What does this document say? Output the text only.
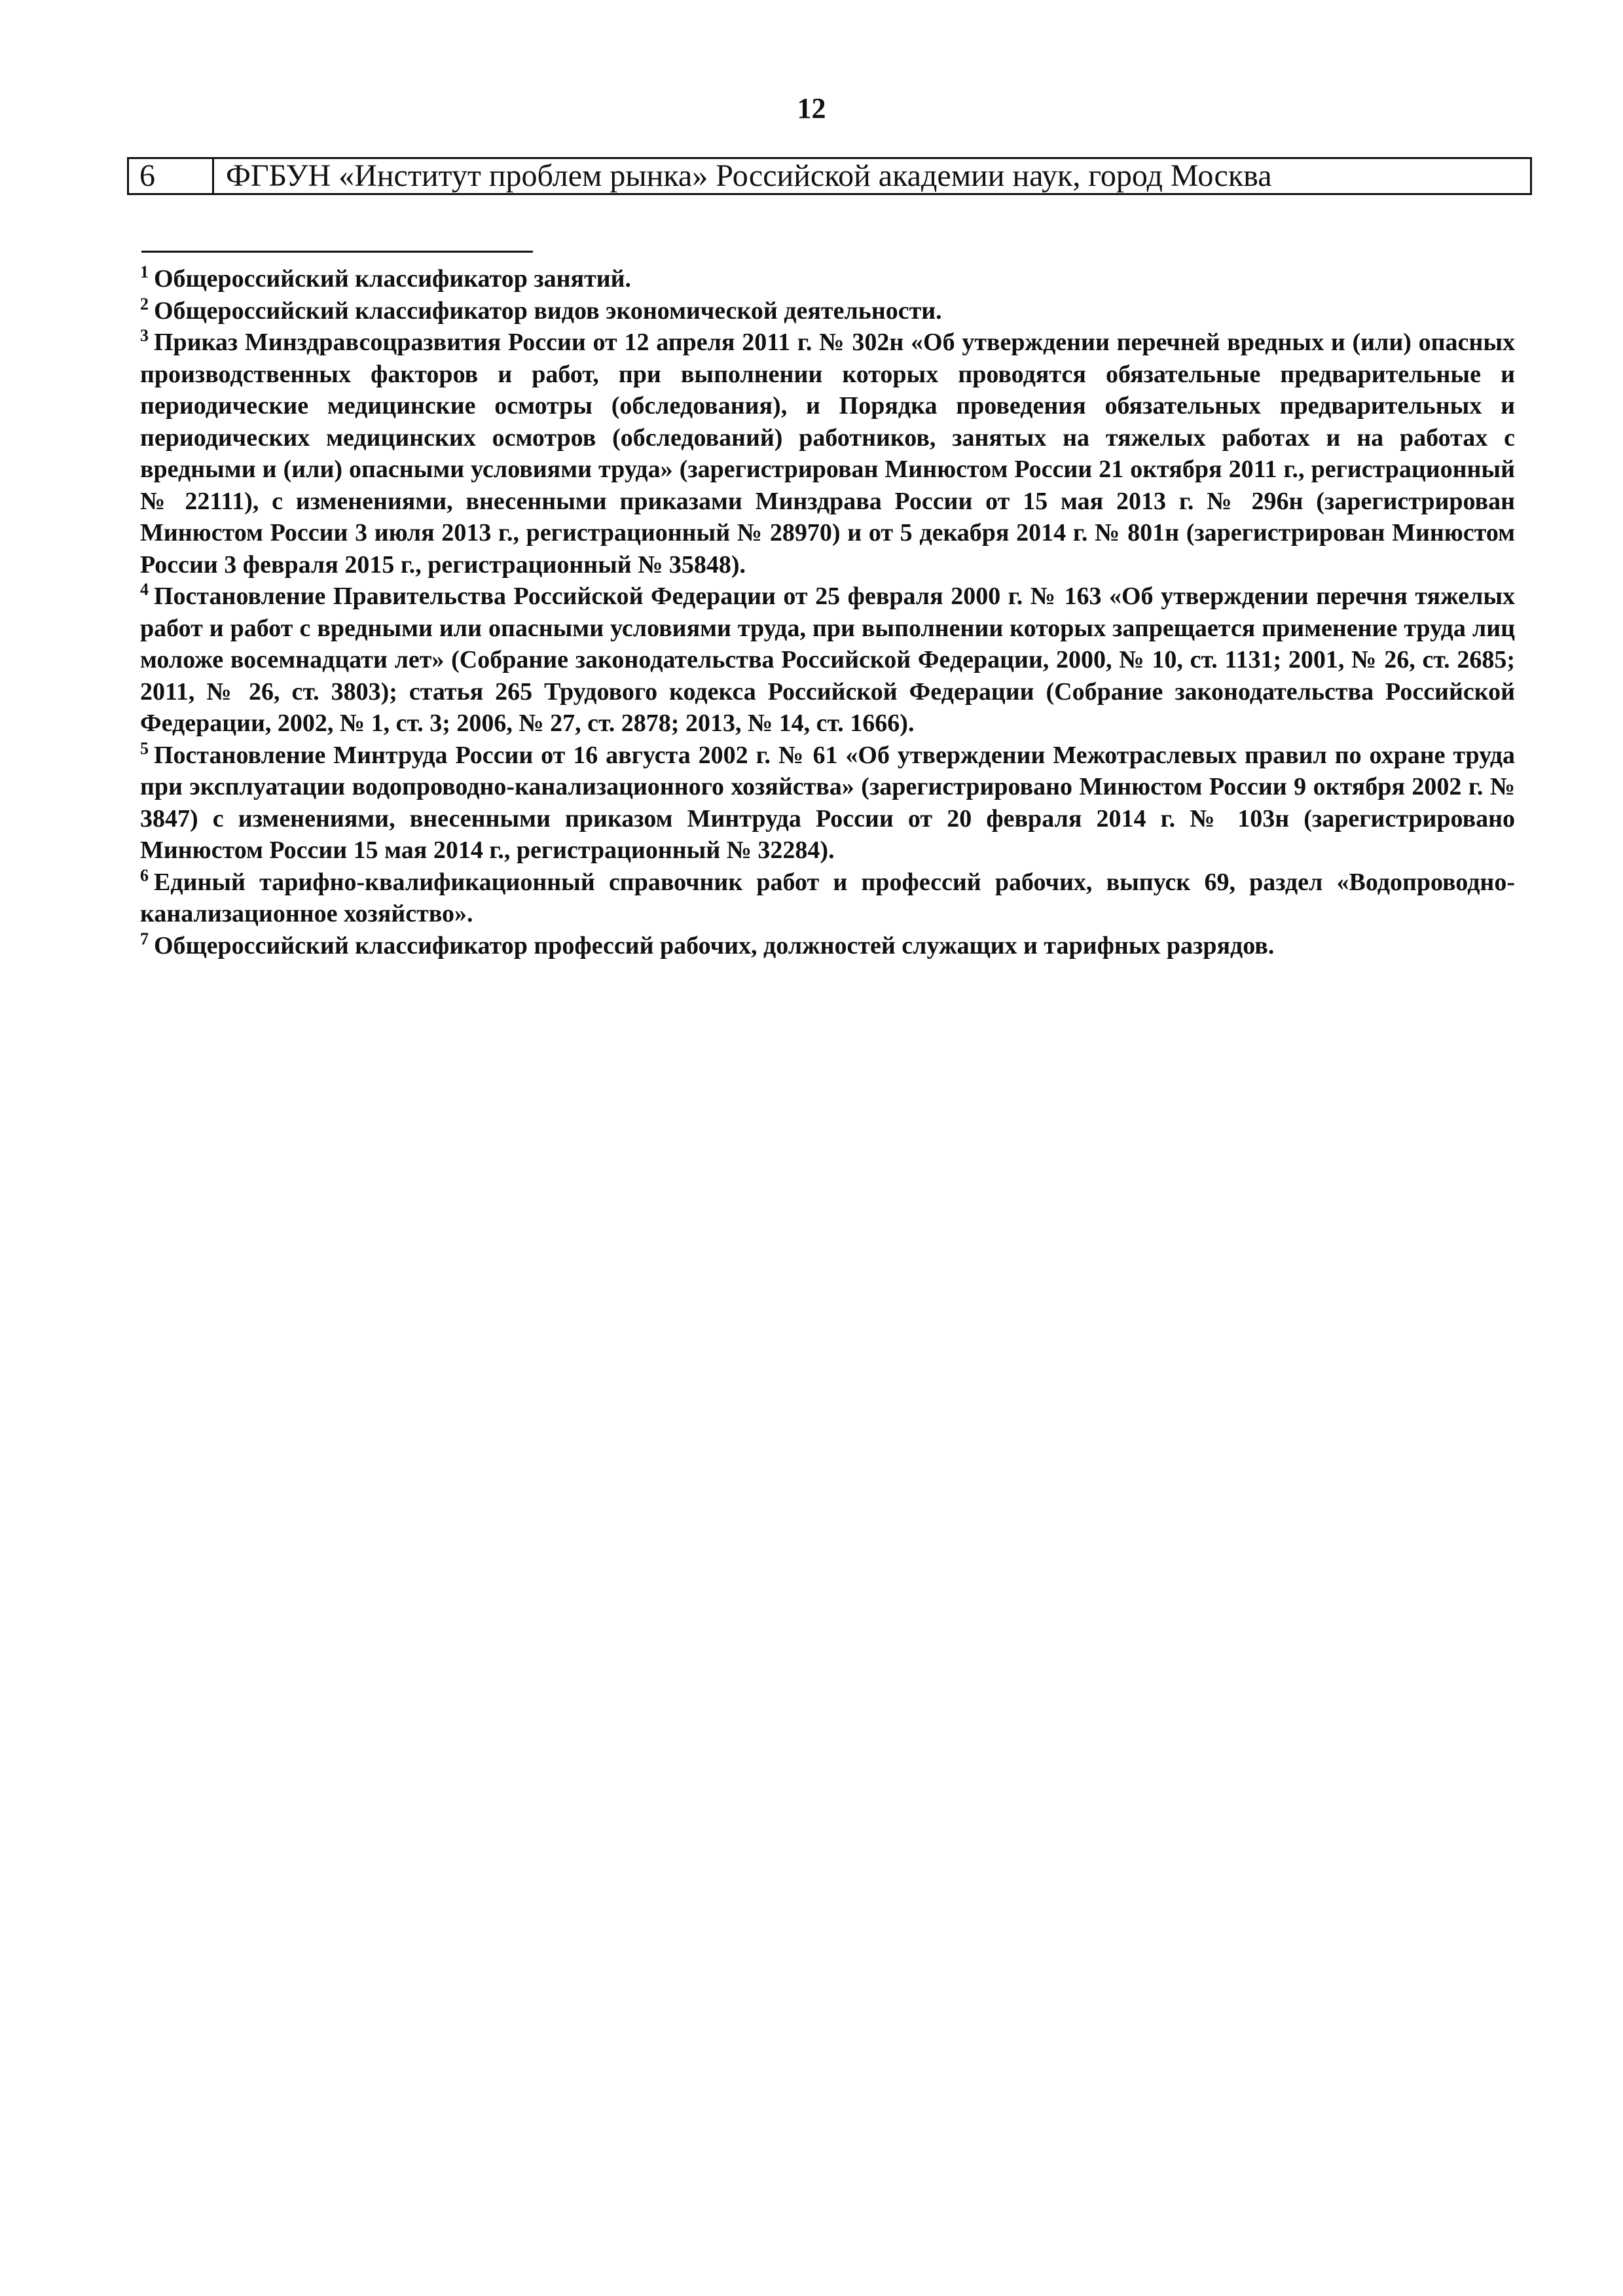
12
6	ФГБУН «Институт проблем рынка» Российской академии наук, город Москва

$^1$ Общероссийский классификатор занятий.

$^2$ Общероссийский классификатор видов экономической деятельности.

$^3$ Приказ Минздравсоцразвития России от 12 апреля 2011 г. № 302н «Об утверждении перечней вредных и (или) опасных производственных факторов и работ, при выполнении которых проводятся обязательные предварительные и периодические медицинские осмотры (обследования), и Порядка проведения обязательных предварительных и периодических медицинских осмотров (обследований) работников, занятых на тяжелых работах и на работах с вредными и (или) опасными условиями труда» (зарегистрирован Минюстом России 21 октября 2011 г., регистрационный № 22111), с изменениями, внесенными приказами Минздрава России от 15 мая 2013 г. № 296н (зарегистрирован Минюстом России 3 июля 2013 г., регистрационный № 28970) и от 5 декабря 2014 г. № 801н (зарегистрирован Минюстом России 3 февраля 2015 г., регистрационный № 35848).

$^4$ Постановление Правительства Российской Федерации от 25 февраля 2000 г. № 163 «Об утверждении перечня тяжелых работ и работ с вредными или опасными условиями труда, при выполнении которых запрещается применение труда лиц моложе восемнадцати лет» (Собрание законодательства Российской Федерации, 2000, № 10, ст. 1131; 2001, № 26, ст. 2685; 2011, № 26, ст. 3803); статья 265 Трудового кодекса Российской Федерации (Собрание законодательства Российской Федерации, 2002, № 1, ст. 3; 2006, № 27, ст. 2878; 2013, № 14, ст. 1666).

$^5$ Постановление Минтруда России от 16 августа 2002 г. № 61 «Об утверждении Межотраслевых правил по охране труда при эксплуатации водопроводно-канализационного хозяйства» (зарегистрировано Минюстом России 9 октября 2002 г. № 3847) с изменениями, внесенными приказом Минтруда России от 20 февраля 2014 г. № 103н (зарегистрировано Минюстом России 15 мая 2014 г., регистрационный № 32284).

$^6$ Единый тарифно-квалификационный справочник работ и профессий рабочих, выпуск 69, раздел «Водопроводно-канализационное хозяйство».

$^7$ Общероссийский классификатор профессий рабочих, должностей служащих и тарифных разрядов.
